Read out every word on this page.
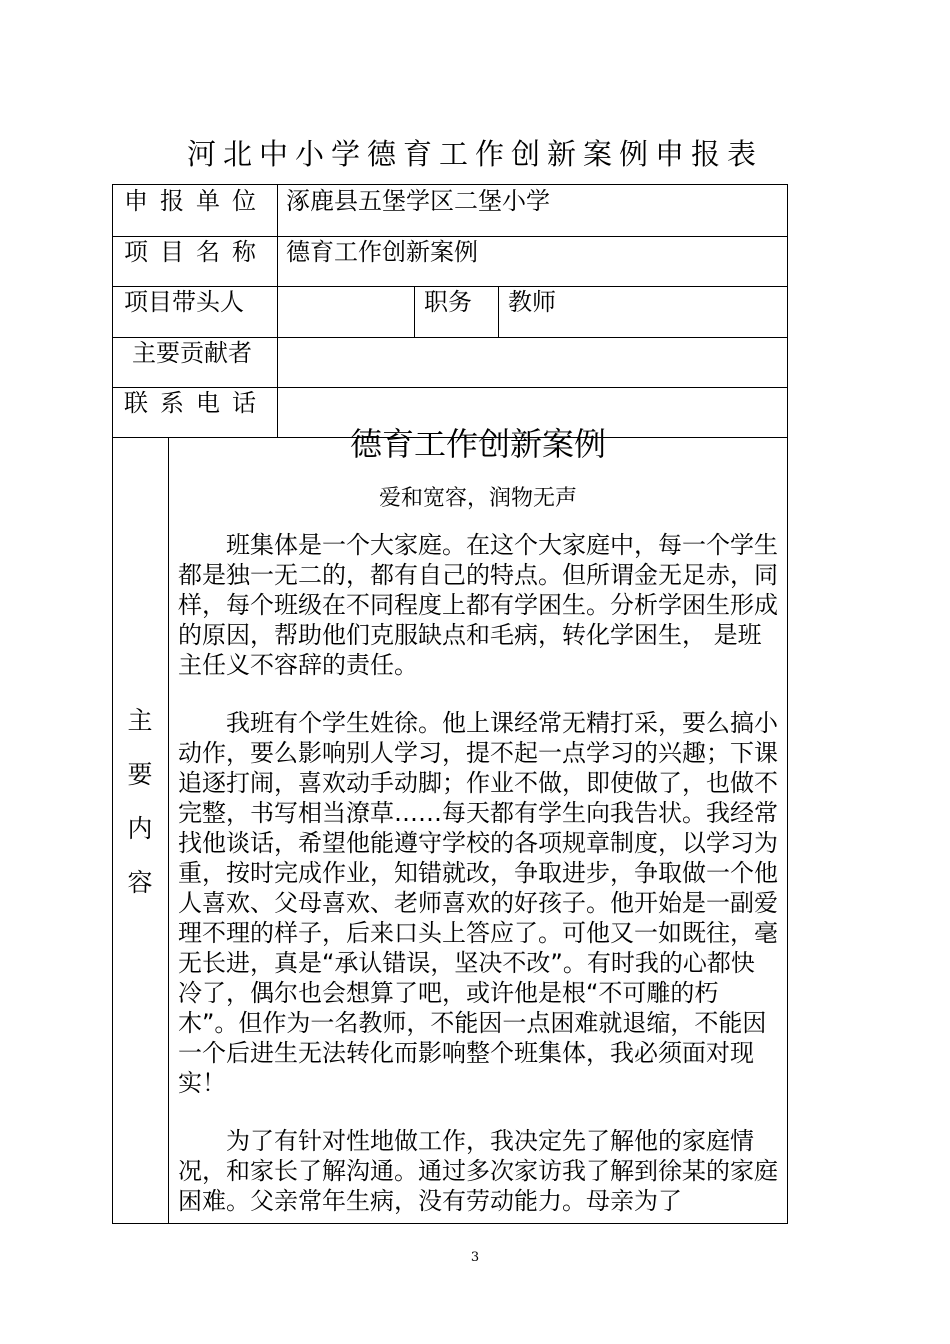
河北中小学德育工作创新案例申报表
申报单位 涿鹿县五堡学区二堡小学
项目名称 德育工作创新案例
项目带头人	职务 教师
主要贡献者
联系电话
主
要
内
容
德育工作创新案例
爱和宽容，润物无声

班集体是一个大家庭。在这个大家庭中，每一个学生都是独一无二的，都有自己的特点。但所谓金无足赤，同样，每个班级在不同程度上都有学困生。分析学困生形成的原因，帮助他们克服缺点和毛病，转化学困生， 是班主任义不容辞的责任。

我班有个学生姓徐。他上课经常无精打采，要么搞小动作，要么影响别人学习，提不起一点学习的兴趣；下课追逐打闹，喜欢动手动脚；作业不做，即使做了，也做不完整，书写相当潦草……每天都有学生向我告状。我经常找他谈话，希望他能遵守学校的各项规章制度，以学习为重，按时完成作业，知错就改，争取进步，争取做一个他人喜欢、父母喜欢、老师喜欢的好孩子。他开始是一副爱理不理的样子，后来口头上答应了。可他又一如既往，毫无长进，真是“承认错误，坚决不改”。有时我的心都快冷了，偶尔也会想算了吧，或许他是根“不可雕的朽木”。但作为一名教师，不能因一点困难就退缩，不能因一个后进生无法转化而影响整个班集体，我必须面对现实！

为了有针对性地做工作，我决定先了解他的家庭情况，和家长了解沟通。通过多次家访我了解到徐某的家庭困难。父亲常年生病，没有劳动能力。母亲为了

3
